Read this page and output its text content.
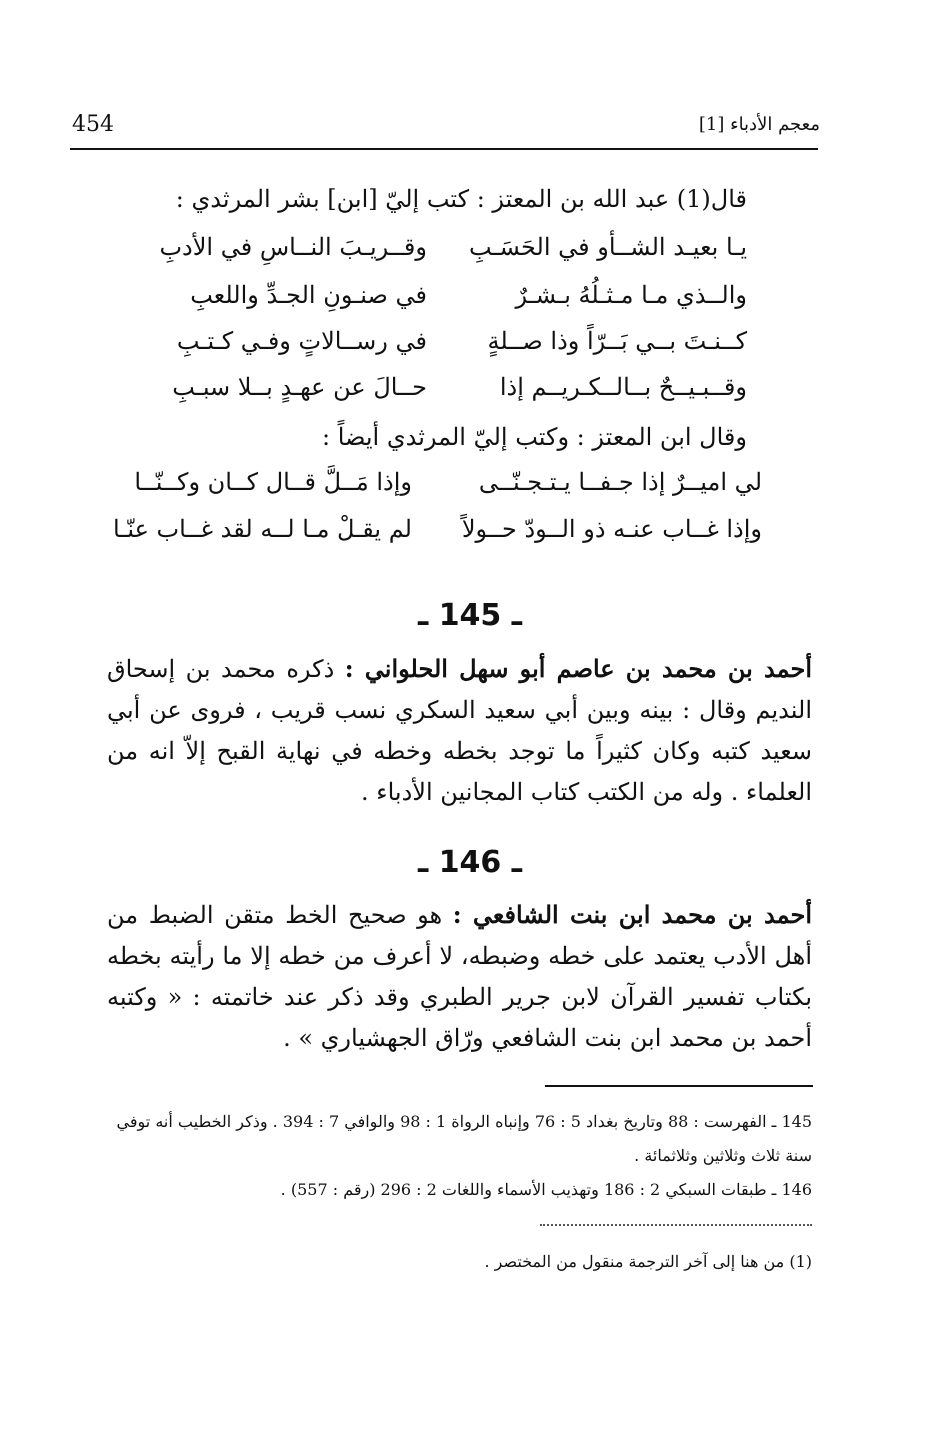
454	معجم الأدباء [1]
قال(1) عبد الله بن المعتز : كتب إليّ [ابن] بشر المرثدي :
يـا بعيـد الشــأو في الحَسَـبِ
وقــريـبَ النــاسِ في الأدبِ
والــذي مـا مـثـلُهُ بـشـرٌ
في صنـونِ الجـدِّ واللعبِ
كــنـتَ بــي بَــرّاً وذا صــلةٍ
في رســالاتٍ وفـي كـتـبِ
وقــبـيــحٌ بــالــكـريــم إذا
حــالَ عن عهـدٍ بــلا سبـبِ
وقال ابن المعتز : وكتب إليّ المرثدي أيضاً :
لي اميــرٌ إذا جـفــا يـتـجـنّــى
وإذا مَــلَّ قــال كــان وكــنّــا
وإذا غــاب عنـه ذو الــودّ حــولاً
لم يقـلْ مـا لــه لقد غــاب عنّـا
ـ 145 ـ
أحمد بن محمد بن عاصم أبو سهل الحلواني : ذكره محمد بن إسحاق النديم وقال : بينه وبين أبي سعيد السكري نسب قريب ، فروى عن أبي سعيد كتبه وكان كثيراً ما توجد بخطه وخطه في نهاية القبح إلاّ انه من العلماء . وله من الكتب كتاب المجانين الأدباء .
ـ 146 ـ
أحمد بن محمد ابن بنت الشافعي : هو صحيح الخط متقن الضبط من أهل الأدب يعتمد على خطه وضبطه، لا أعرف من خطه إلا ما رأيته بخطه بكتاب تفسير القرآن لابن جرير الطبري وقد ذكر عند خاتمته : « وكتبه أحمد بن محمد ابن بنت الشافعي ورّاق الجهشياري » .
145 ـ الفهرست : 88 وتاريخ بغداد 5 : 76 وإنباه الرواة 1 : 98 والوافي 7 : 394 . وذكر الخطيب أنه توفي
سنة ثلاث وثلاثين وثلاثمائة .
146 ـ طبقات السبكي 2 : 186 وتهذيب الأسماء واللغات 2 : 296 (رقم : 557) .
(1) من هنا إلى آخر الترجمة منقول من المختصر .
